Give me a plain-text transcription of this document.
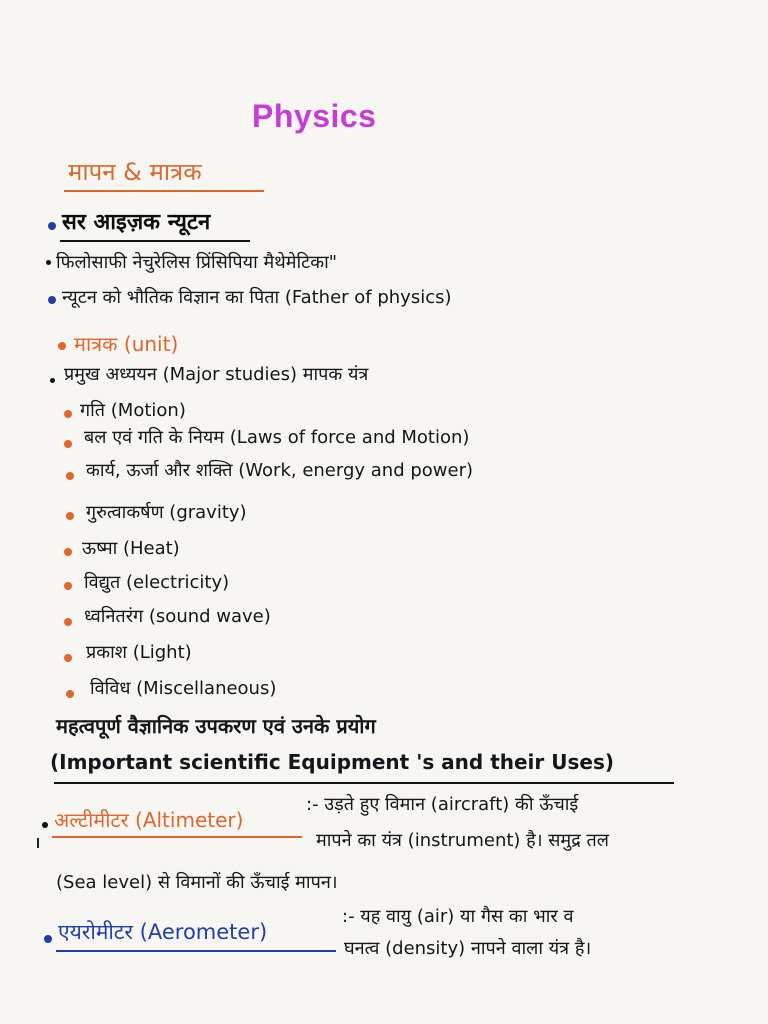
Physics
मापन & मात्रक
सर आइज़क न्यूटन
फिलोसाफी नेचुरेलिस प्रिंसिपिया मैथेमेटिका"
न्यूटन को भौतिक विज्ञान का पिता (Father of physics)
मात्रक (unit)
प्रमुख अध्ययन (Major studies) मापक यंत्र
गति (Motion)
बल एवं गति के नियम (Laws of force and Motion)
कार्य, ऊर्जा और शक्ति (Work, energy and power)
गुरुत्वाकर्षण (gravity)
ऊष्मा (Heat)
विद्युत (electricity)
ध्वनितरंग (sound wave)
प्रकाश (Light)
विविध (Miscellaneous)
महत्वपूर्ण वैज्ञानिक उपकरण एवं उनके प्रयोग
(Important scientific Equipment 's and their Uses)
अल्टीमीटर (Altimeter)
:- उड़ते हुए विमान (aircraft) की ऊँचाई
मापने का यंत्र (instrument) है। समुद्र तल
(Sea level) से विमानों की ऊँचाई मापन।
एयरोमीटर (Aerometer)
:- यह वायु (air) या गैस का भार व
घनत्व (density) नापने वाला यंत्र है।
